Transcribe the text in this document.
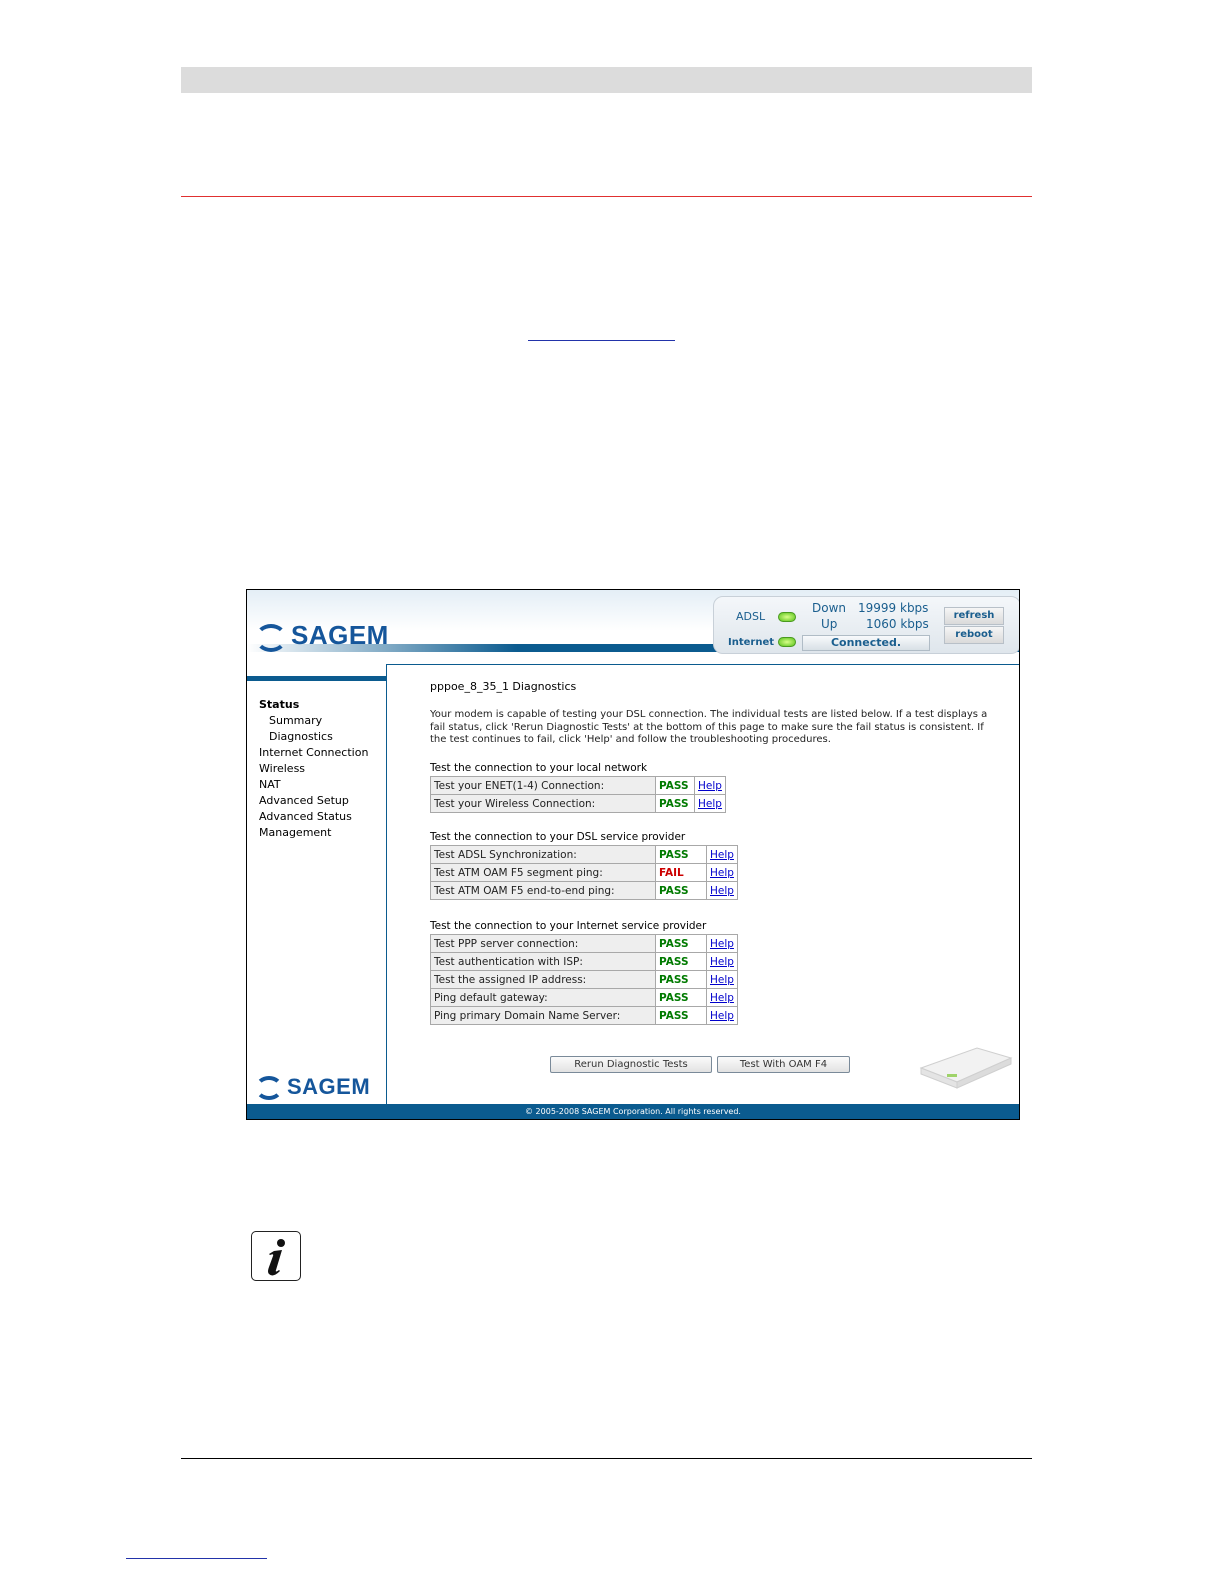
SAGEM
ADSL
Internet
Down 19999 kbps
Up 1060 kbps
Connected.
refresh
reboot
Status
Summary
Diagnostics
Internet Connection
Wireless
NAT
Advanced Setup
Advanced Status
Management
SAGEM
pppoe_8_35_1 Diagnostics
Your modem is capable of testing your DSL connection. The individual tests are listed below. If a test displays a
fail status, click 'Rerun Diagnostic Tests' at the bottom of this page to make sure the fail status is consistent. If
the test continues to fail, click 'Help' and follow the troubleshooting procedures.
Test the connection to your local network
Test your ENET(1-4) Connection:	PASS	Help
Test your Wireless Connection:	PASS	Help
Test the connection to your DSL service provider
Test ADSL Synchronization:	PASS	Help
Test ATM OAM F5 segment ping:	FAIL	Help
Test ATM OAM F5 end-to-end ping:	PASS	Help
Test the connection to your Internet service provider
Test PPP server connection:	PASS	Help
Test authentication with ISP:	PASS	Help
Test the assigned IP address:	PASS	Help
Ping default gateway:	PASS	Help
Ping primary Domain Name Server:	PASS	Help
Rerun Diagnostic Tests	Test With OAM F4
© 2005-2008 SAGEM Corporation. All rights reserved.
